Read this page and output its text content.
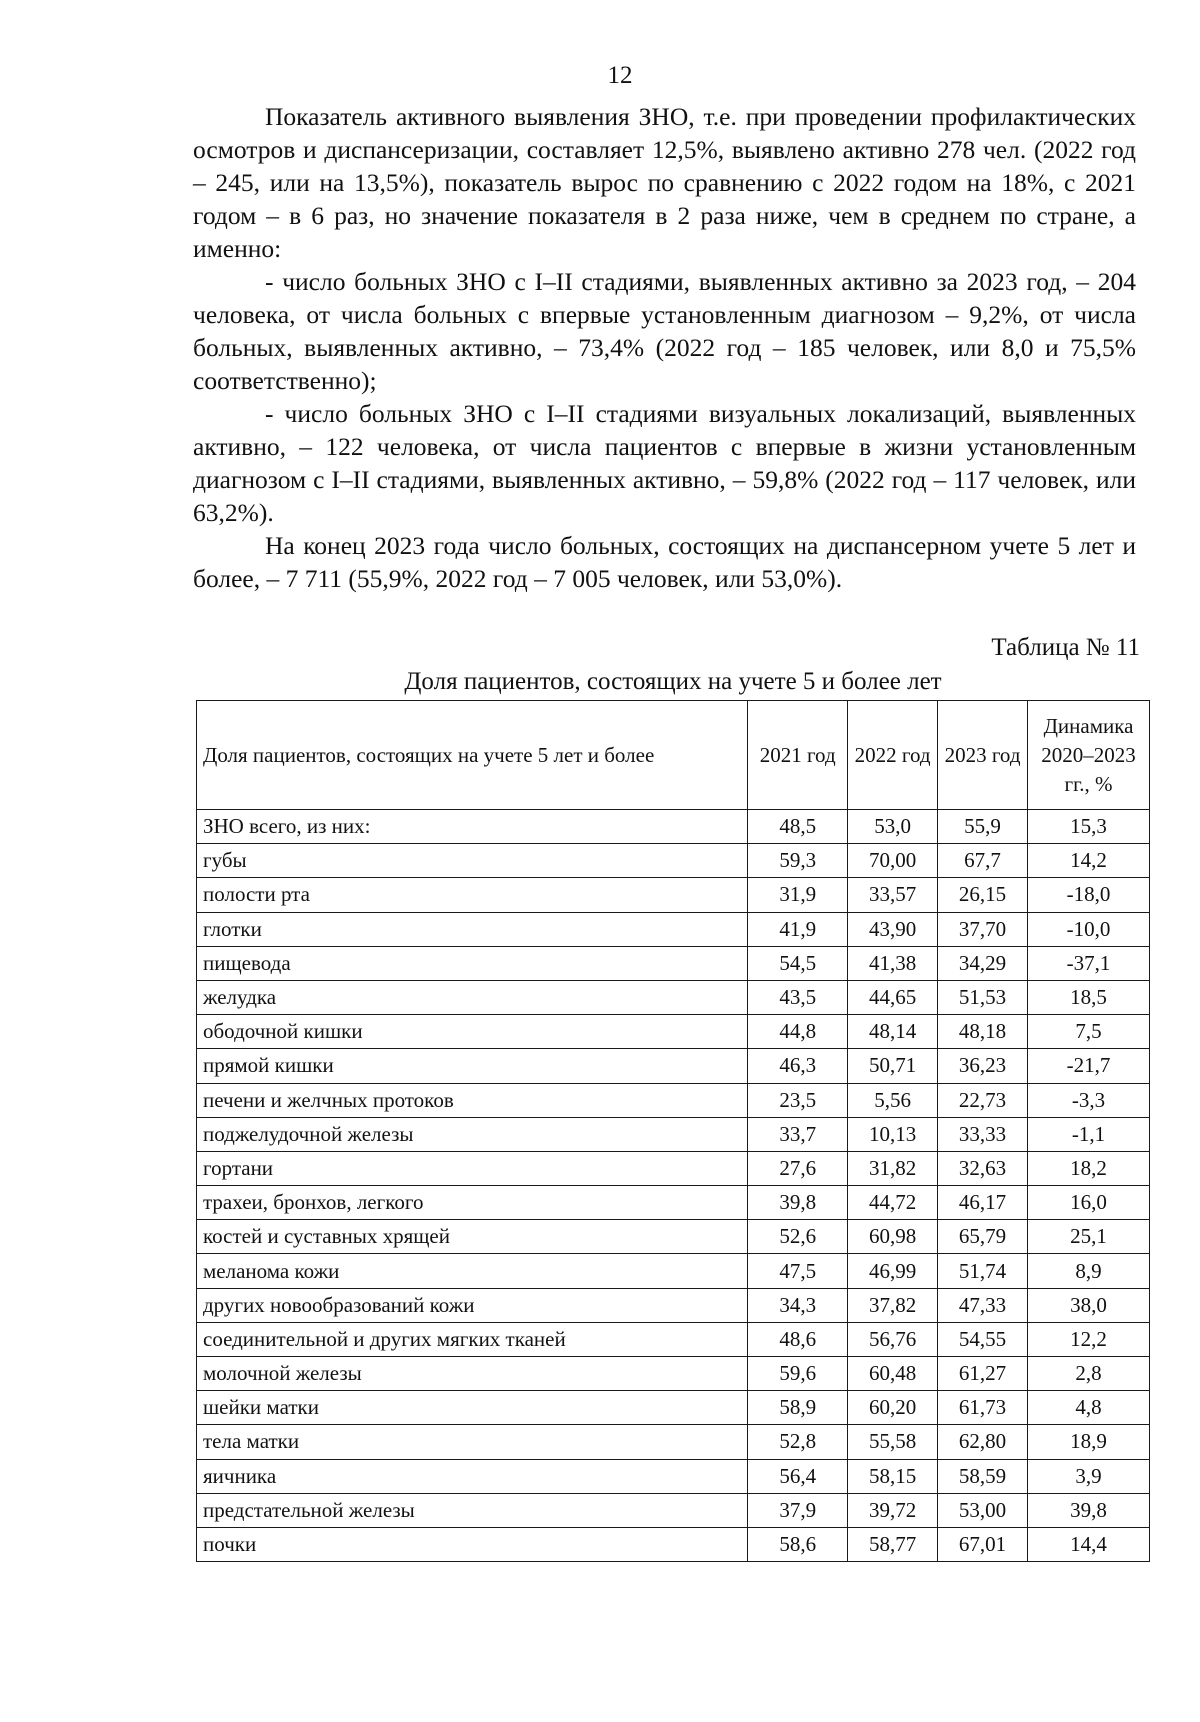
12

Показатель активного выявления ЗНО, т.е. при проведении профилактических осмотров и диспансеризации, составляет 12,5%, выявлено активно 278 чел. (2022 год – 245, или на 13,5%), показатель вырос по сравнению с 2022 годом на 18%, с 2021 годом – в 6 раз, но значение показателя в 2 раза ниже, чем в среднем по стране, а именно:

- число больных ЗНО с I–II стадиями, выявленных активно за 2023 год, – 204 человека, от числа больных с впервые установленным диагнозом – 9,2%, от числа больных, выявленных активно, – 73,4% (2022 год – 185 человек, или 8,0 и 75,5% соответственно);

- число больных ЗНО с I–II стадиями визуальных локализаций, выявленных активно, – 122 человека, от числа пациентов с впервые в жизни установленным диагнозом с I–II стадиями, выявленных активно, – 59,8% (2022 год – 117 человек, или 63,2%).

На конец 2023 года число больных, состоящих на диспансерном учете 5 лет и более, – 7 711 (55,9%, 2022 год – 7 005 человек, или 53,0%).

Таблица № 11
Доля пациентов, состоящих на учете 5 и более лет
Доля пациентов, состоящих на учете 5 лет и более	2021 год	2022 год	2023 год	Динамика 2020–2023 гг., %
ЗНО всего, из них:	48,5	53,0	55,9	15,3
губы	59,3	70,00	67,7	14,2
полости рта	31,9	33,57	26,15	-18,0
глотки	41,9	43,90	37,70	-10,0
пищевода	54,5	41,38	34,29	-37,1
желудка	43,5	44,65	51,53	18,5
ободочной кишки	44,8	48,14	48,18	7,5
прямой кишки	46,3	50,71	36,23	-21,7
печени и желчных протоков	23,5	5,56	22,73	-3,3
поджелудочной железы	33,7	10,13	33,33	-1,1
гортани	27,6	31,82	32,63	18,2
трахеи, бронхов, легкого	39,8	44,72	46,17	16,0
костей и суставных хрящей	52,6	60,98	65,79	25,1
меланома кожи	47,5	46,99	51,74	8,9
других новообразований кожи	34,3	37,82	47,33	38,0
соединительной и других мягких тканей	48,6	56,76	54,55	12,2
молочной железы	59,6	60,48	61,27	2,8
шейки матки	58,9	60,20	61,73	4,8
тела матки	52,8	55,58	62,80	18,9
яичника	56,4	58,15	58,59	3,9
предстательной железы	37,9	39,72	53,00	39,8
почки	58,6	58,77	67,01	14,4
